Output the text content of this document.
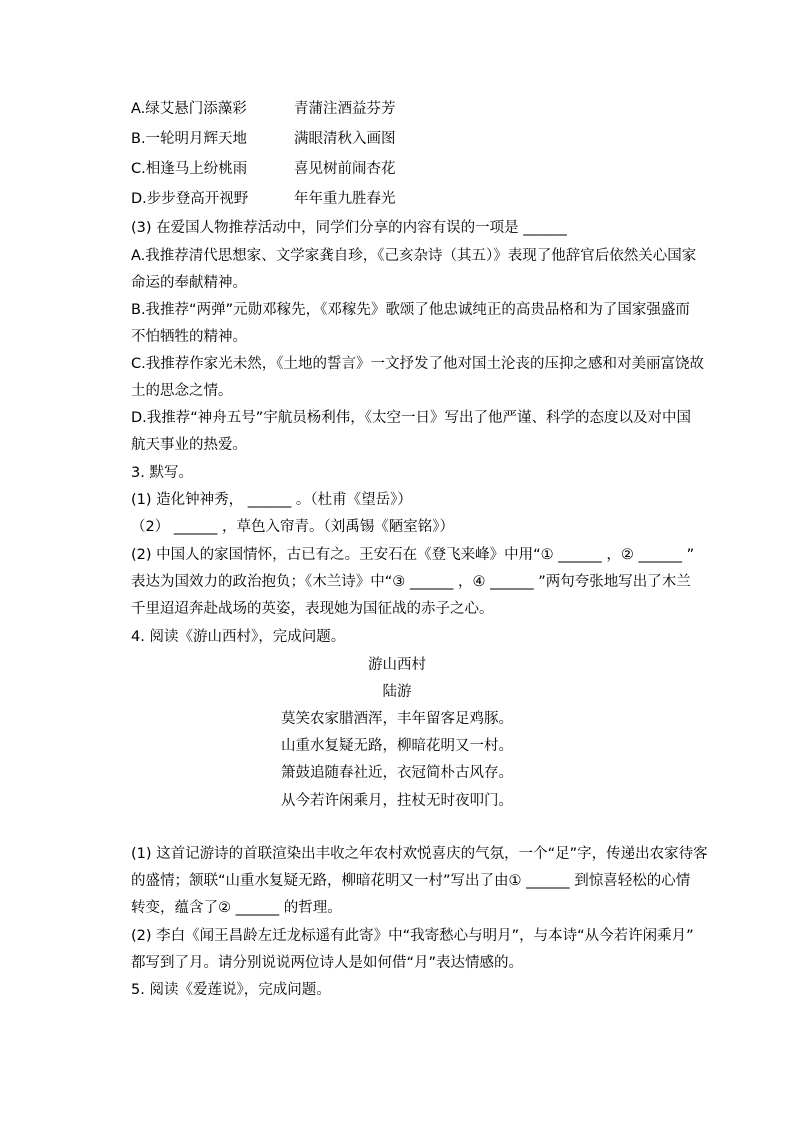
A.绿艾悬门添藻彩	青蒲注酒益芬芳
B.一轮明月辉天地	满眼清秋入画图
C.相逢马上纷桃雨	喜见树前闹杏花
D.步步登高开视野	年年重九胜春光
(3) 在爱国人物推荐活动中，同学们分享的内容有误的一项是 ______
A.我推荐清代思想家、文学家龚自珍，《己亥杂诗（其五）》表现了他辞官后依然关心国家
命运的奉献精神。
B.我推荐“两弹”元勋邓稼先，《邓稼先》歌颂了他忠诚纯正的高贵品格和为了国家强盛而
不怕牺牲的精神。
C.我推荐作家光未然，《土地的誓言》一文抒发了他对国土沦丧的压抑之感和对美丽富饶故
土的思念之情。
D.我推荐“神舟五号”宇航员杨利伟，《太空一日》写出了他严谨、科学的态度以及对中国
航天事业的热爱。
3. 默写。
(1) 造化钟神秀， ______ 。（杜甫《望岳》）
（2） ______ ，草色入帘青。（刘禹锡《陋室铭》）
(2) 中国人的家国情怀，古已有之。王安石在《登飞来峰》中用“① ______ ，② ______ ”
表达为国效力的政治抱负；《木兰诗》中“③ ______ ，④ ______ ”两句夸张地写出了木兰
千里迢迢奔赴战场的英姿，表现她为国征战的赤子之心。
4. 阅读《游山西村》，完成问题。
游山西村
陆游
莫笑农家腊酒浑，丰年留客足鸡豚。
山重水复疑无路，柳暗花明又一村。
箫鼓追随春社近，衣冠简朴古风存。
从今若许闲乘月，拄杖无时夜叩门。
(1) 这首记游诗的首联渲染出丰收之年农村欢悦喜庆的气氛，一个“足”字，传递出农家待客
的盛情；颔联“山重水复疑无路，柳暗花明又一村”写出了由① ______ 到惊喜轻松的心情
转变，蕴含了② ______ 的哲理。
(2) 李白《闻王昌龄左迁龙标遥有此寄》中“我寄愁心与明月”，与本诗“从今若许闲乘月”
都写到了月。请分别说说两位诗人是如何借“月”表达情感的。
5. 阅读《爱莲说》，完成问题。
